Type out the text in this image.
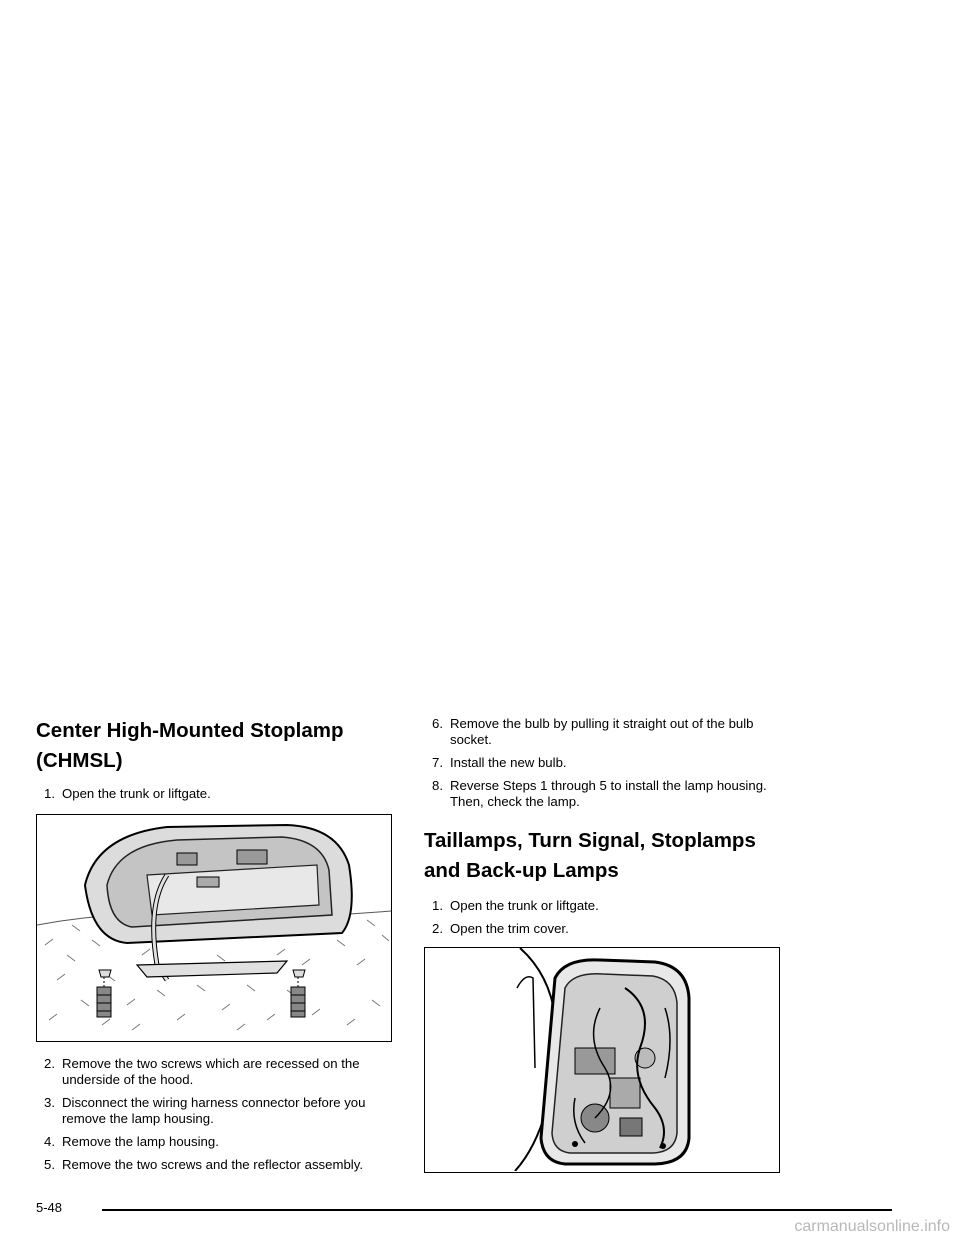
Center High-Mounted Stoplamp (CHMSL)
1. Open the trunk or liftgate.
2. Remove the two screws which are recessed on the underside of the hood.
3. Disconnect the wiring harness connector before you remove the lamp housing.
4. Remove the lamp housing.
5. Remove the two screws and the reflector assembly.
6. Remove the bulb by pulling it straight out of the bulb socket.
7. Install the new bulb.
8. Reverse Steps 1 through 5 to install the lamp housing. Then, check the lamp.
Taillamps, Turn Signal, Stoplamps and Back-up Lamps
1. Open the trunk or liftgate.
2. Open the trim cover.
5-48
carmanualsonline.info
